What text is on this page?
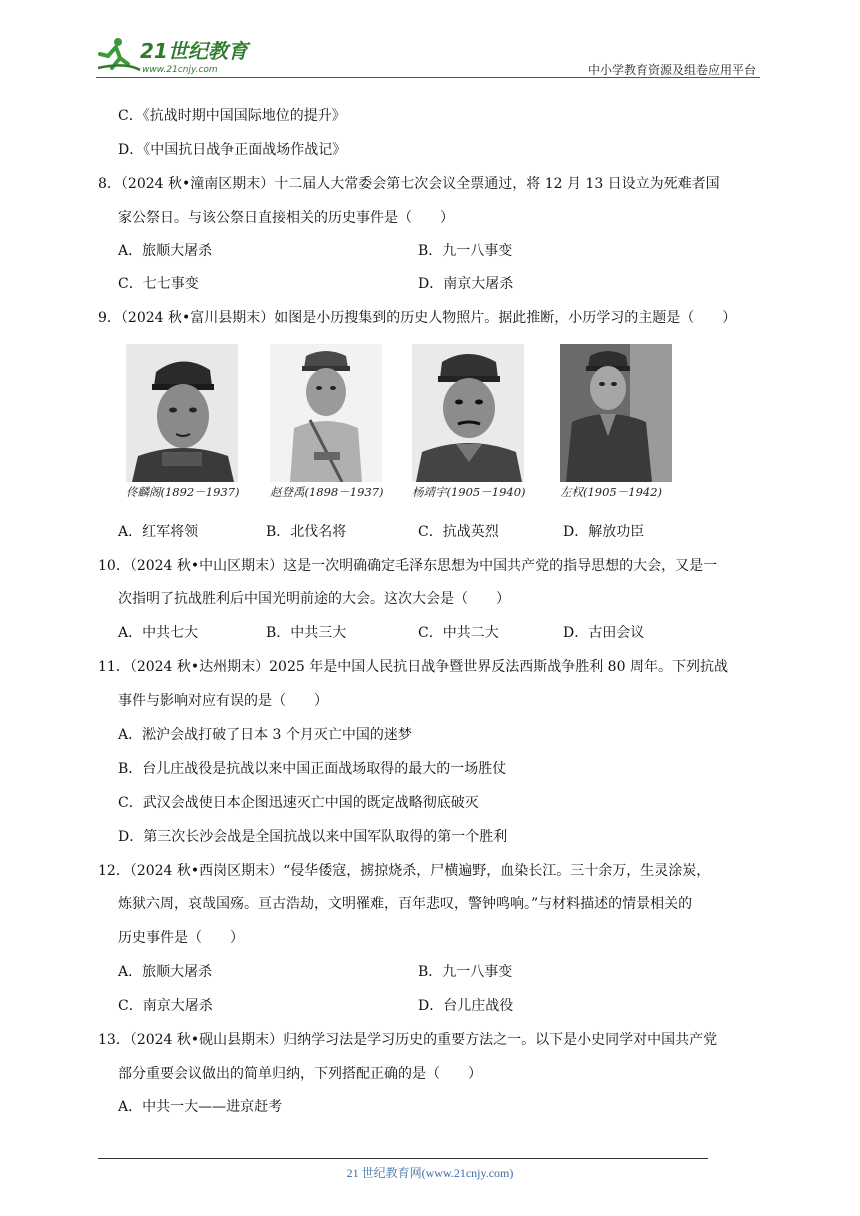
21世纪教育
www.21cnjy.com	中小学教育资源及组卷应用平台
C．《抗战时期中国国际地位的提升》
D．《中国抗日战争正面战场作战记》
8．（2024 秋•潼南区期末）十二届人大常委会第七次会议全票通过，将 12 月 13 日设立为死难者国
家公祭日。与该公祭日直接相关的历史事件是（　　）
A．旅顺大屠杀	B．九一八事变
C．七七事变	D．南京大屠杀
9．（2024 秋•富川县期末）如图是小历搜集到的历史人物照片。据此推断，小历学习的主题是（　　）
佟麟阁(1892－1937)	赵登禹(1898－1937)	杨靖宇(1905－1940)	左权(1905－1942)
A．红军将领	B．北伐名将	C．抗战英烈	D．解放功臣
10．（2024 秋•中山区期末）这是一次明确确定毛泽东思想为中国共产党的指导思想的大会，又是一
次指明了抗战胜利后中国光明前途的大会。这次大会是（　　）
A．中共七大	B．中共三大	C．中共二大	D．古田会议
11．（2024 秋•达州期末）2025 年是中国人民抗日战争暨世界反法西斯战争胜利 80 周年。下列抗战
事件与影响对应有误的是（　　）
A．淞沪会战打破了日本 3 个月灭亡中国的迷梦
B．台儿庄战役是抗战以来中国正面战场取得的最大的一场胜仗
C．武汉会战使日本企图迅速灭亡中国的既定战略彻底破灭
D．第三次长沙会战是全国抗战以来中国军队取得的第一个胜利
12．（2024 秋•西岗区期末）“侵华倭寇，掳掠烧杀，尸横遍野，血染长江。三十余万，生灵涂炭，
炼狱六周，哀哉国殇。亘古浩劫，文明罹难，百年悲叹，警钟鸣响。”与材料描述的情景相关的
历史事件是（　　）
A．旅顺大屠杀	B．九一八事变
C．南京大屠杀	D．台儿庄战役
13．（2024 秋•砚山县期末）归纳学习法是学习历史的重要方法之一。以下是小史同学对中国共产党
部分重要会议做出的简单归纳，下列搭配正确的是（　　）
A．中共一大——进京赶考
21 世纪教育网(www.21cnjy.com)
